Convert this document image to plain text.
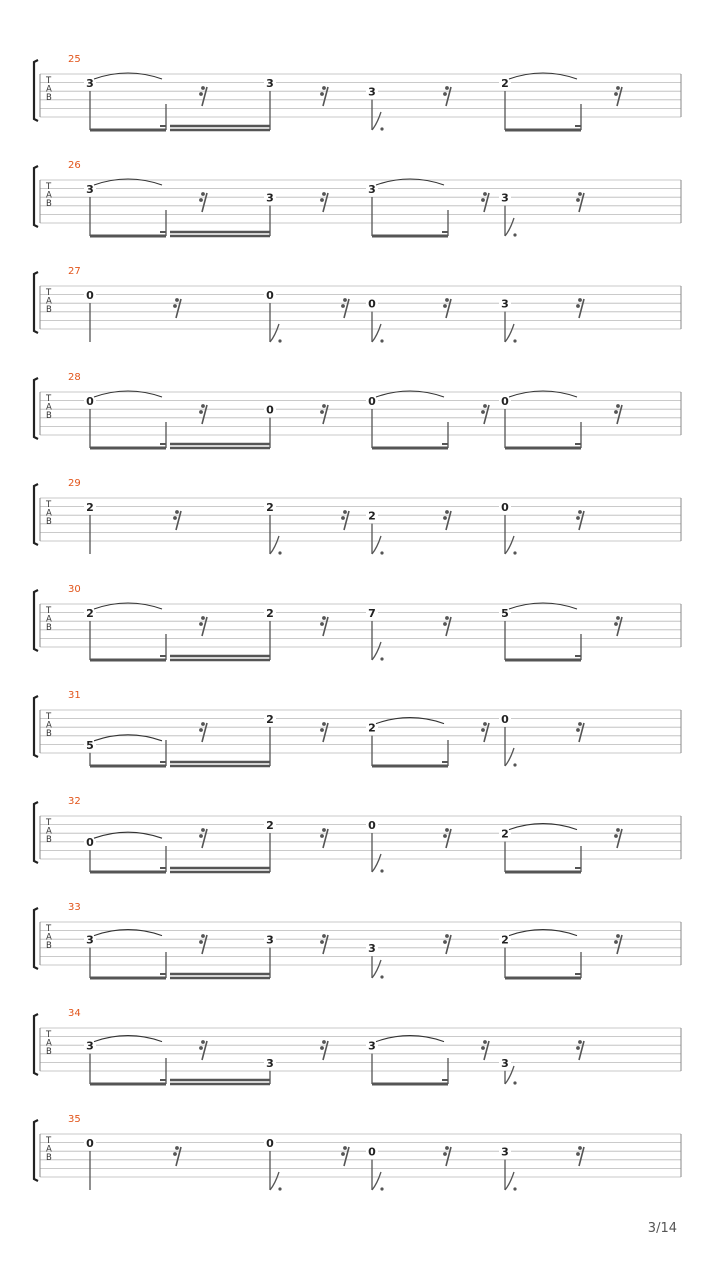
25
T
A
B
3	3
3
2
26
T
A
B
3
3
3
3
27
T
A
B
0	0
0	3
28
T
A
B
0
0
0	0
29
T
A
B
2	2
2
0
30
T
A
B
2	2	7	5
31
T
A
B
5
2
2
0
32
T
A
B	0
2	0
2
33
T
A
B	3	3
3
2
34
T
A
B	3
3
3
3
35
T
A
B
0	0
0	3
3/14
